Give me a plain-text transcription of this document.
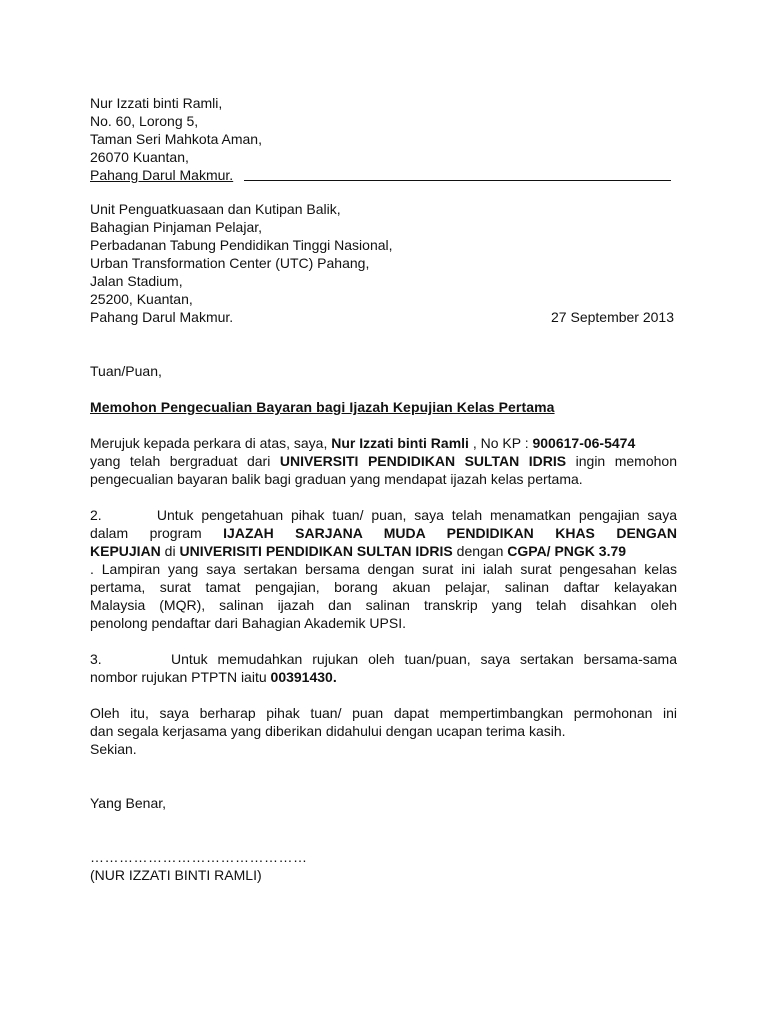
Nur Izzati binti Ramli,
No. 60, Lorong 5,
Taman Seri Mahkota Aman,
26070 Kuantan,
Pahang Darul Makmur.
Unit Penguatkuasaan dan Kutipan Balik,
Bahagian Pinjaman Pelajar,
Perbadanan Tabung Pendidikan Tinggi Nasional,
Urban Transformation Center (UTC) Pahang,
Jalan Stadium,
25200, Kuantan,
Pahang Darul Makmur.	27 September 2013
Tuan/Puan,
Memohon Pengecualian Bayaran bagi Ijazah Kepujian Kelas Pertama
Merujuk kepada perkara di atas, saya, Nur Izzati binti Ramli , No KP : 900617-06-5474
yang telah bergraduat dari UNIVERSITI PENDIDIKAN SULTAN IDRIS ingin memohon
pengecualian bayaran balik bagi graduan yang mendapat ijazah kelas pertama.
2.       Untuk pengetahuan pihak tuan/ puan, saya telah menamatkan pengajian saya
dalam program IJAZAH SARJANA MUDA PENDIDIKAN KHAS DENGAN
KEPUJIAN di UNIVERISITI PENDIDIKAN SULTAN IDRIS dengan CGPA/ PNGK 3.79
. Lampiran yang saya sertakan bersama dengan surat ini ialah surat pengesahan kelas
pertama, surat tamat pengajian, borang akuan pelajar, salinan daftar kelayakan
Malaysia (MQR), salinan ijazah dan salinan transkrip yang telah disahkan oleh
penolong pendaftar dari Bahagian Akademik UPSI.
3.       Untuk memudahkan rujukan oleh tuan/puan, saya sertakan bersama-sama
nombor rujukan PTPTN iaitu 00391430.
Oleh itu, saya berharap pihak tuan/ puan dapat mempertimbangkan permohonan ini
dan segala kerjasama yang diberikan didahului dengan ucapan terima kasih.
Sekian.
Yang Benar,
………………………………………
(NUR IZZATI BINTI RAMLI)
